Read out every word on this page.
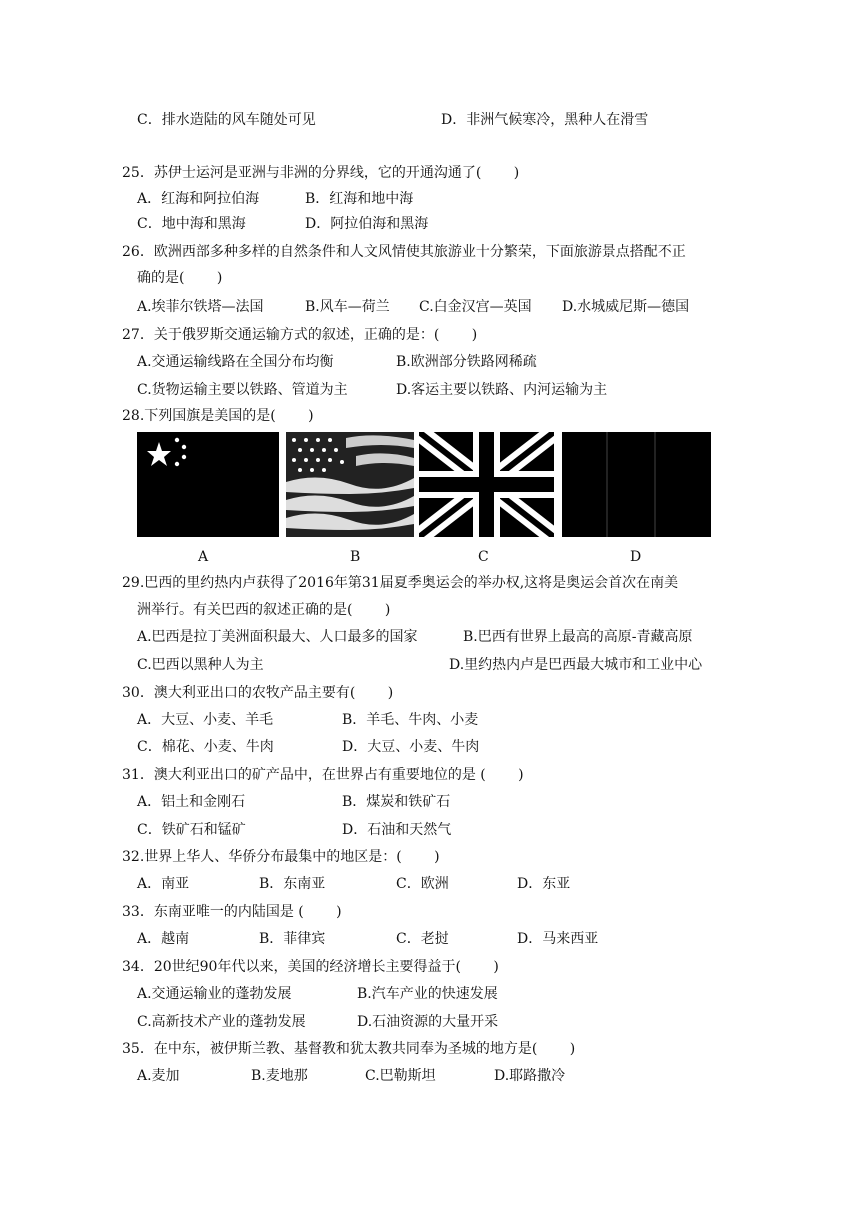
C．排水造陆的风车随处可见	D．非洲气候寒冷，黑种人在滑雪
25．苏伊士运河是亚洲与非洲的分界线，它的开通沟通了(　　 )
A．红海和阿拉伯海	B．红海和地中海
C．地中海和黑海	D．阿拉伯海和黑海
26．欧洲西部多种多样的自然条件和人文风情使其旅游业十分繁荣，下面旅游景点搭配不正
确的是(　　 )
A.埃菲尔铁塔—法国	B.风车—荷兰 C.白金汉宫—英国 D.水城威尼斯—德国
27．关于俄罗斯交通运输方式的叙述，正确的是：(　　 )
A.交通运输线路在全国分布均衡	B.欧洲部分铁路网稀疏
C.货物运输主要以铁路、管道为主	D.客运主要以铁路、内河运输为主
28.下列国旗是美国的是(　　 )
A	B	C	D
29.巴西的里约热内卢获得了2016年第31届夏季奥运会的举办权,这将是奥运会首次在南美
洲举行。有关巴西的叙述正确的是(　　 )
A.巴西是拉丁美洲面积最大、人口最多的国家	B.巴西有世界上最高的高原-青藏高原
C.巴西以黑种人为主	D.里约热内卢是巴西最大城市和工业中心
30．澳大利亚出口的农牧产品主要有(　　 )
A．大豆、小麦、羊毛	B．羊毛、牛肉、小麦
C．棉花、小麦、牛肉	D．大豆、小麦、牛肉
31．澳大利亚出口的矿产品中，在世界占有重要地位的是 (　　 )
A．铝土和金刚石	B．煤炭和铁矿石
C．铁矿石和锰矿	D．石油和天然气
32.世界上华人、华侨分布最集中的地区是：(　　 )
A．南亚	B．东南亚	C．欧洲	D．东亚
33．东南亚唯一的内陆国是 (　　 )
A．越南	B．菲律宾	C．老挝	D．马来西亚
34．20世纪90年代以来，美国的经济增长主要得益于(　　 )
A.交通运输业的蓬勃发展	B.汽车产业的快速发展
C.高新技术产业的蓬勃发展	D.石油资源的大量开采
35．在中东，被伊斯兰教、基督教和犹太教共同奉为圣城的地方是(　　 )
A.麦加	B.麦地那	C.巴勒斯坦	D.耶路撒冷
